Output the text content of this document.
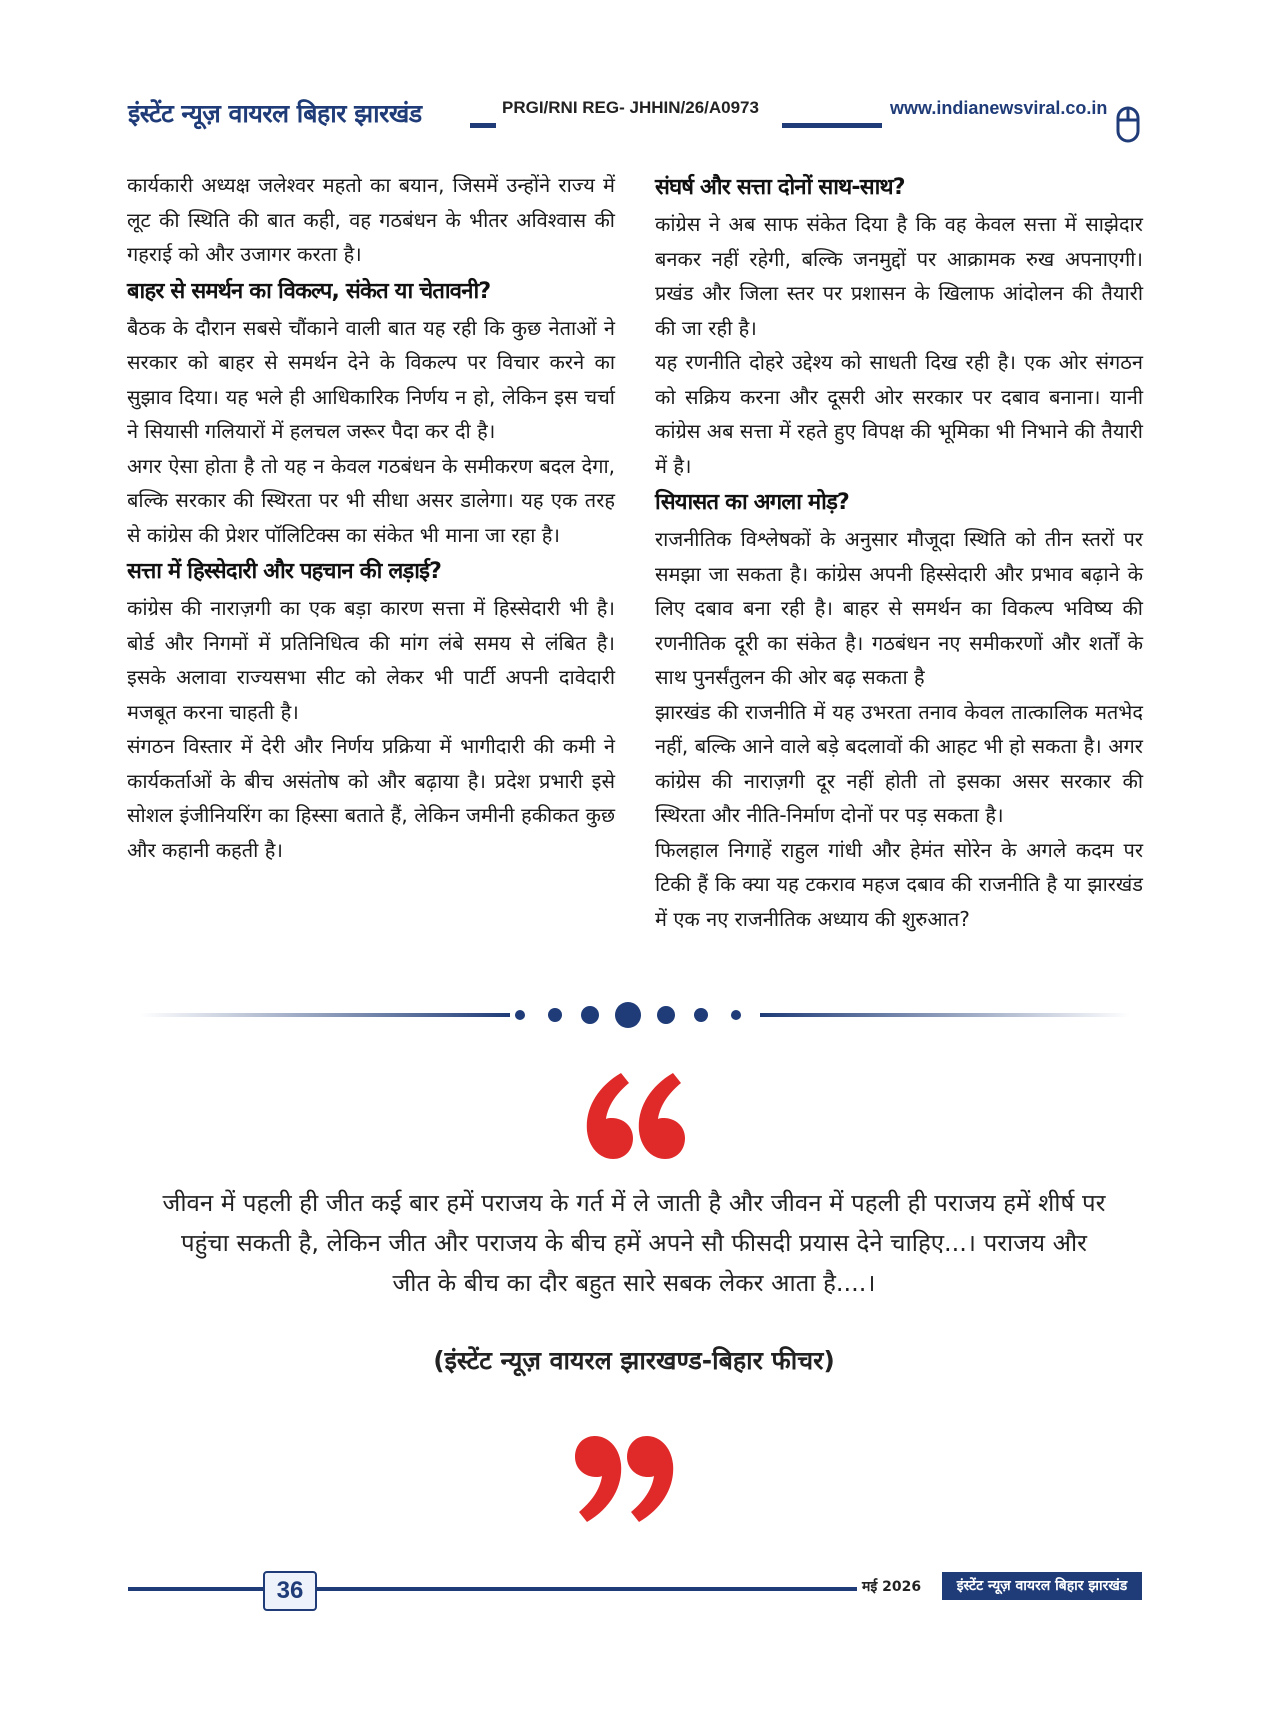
इंस्टेंट न्यूज़ वायरल बिहार झारखंड	PRGI/RNI REG- JHHIN/26/A0973	www.indianewsviral.co.in

कार्यकारी अध्यक्ष जलेश्वर महतो का बयान, जिसमें उन्होंने राज्य में लूट की स्थिति की बात कही, वह गठबंधन के भीतर अविश्वास की गहराई को और उजागर करता है।

बाहर से समर्थन का विकल्प, संकेत या चेतावनी?

बैठक के दौरान सबसे चौंकाने वाली बात यह रही कि कुछ नेताओं ने सरकार को बाहर से समर्थन देने के विकल्प पर विचार करने का सुझाव दिया। यह भले ही आधिकारिक निर्णय न हो, लेकिन इस चर्चा ने सियासी गलियारों में हलचल जरूर पैदा कर दी है।

अगर ऐसा होता है तो यह न केवल गठबंधन के समीकरण बदल देगा, बल्कि सरकार की स्थिरता पर भी सीधा असर डालेगा। यह एक तरह से कांग्रेस की प्रेशर पॉलिटिक्स का संकेत भी माना जा रहा है।

सत्ता में हिस्सेदारी और पहचान की लड़ाई?

कांग्रेस की नाराज़गी का एक बड़ा कारण सत्ता में हिस्सेदारी भी है। बोर्ड और निगमों में प्रतिनिधित्व की मांग लंबे समय से लंबित है। इसके अलावा राज्यसभा सीट को लेकर भी पार्टी अपनी दावेदारी मजबूत करना चाहती है।

संगठन विस्तार में देरी और निर्णय प्रक्रिया में भागीदारी की कमी ने कार्यकर्ताओं के बीच असंतोष को और बढ़ाया है। प्रदेश प्रभारी इसे सोशल इंजीनियरिंग का हिस्सा बताते हैं, लेकिन जमीनी हकीकत कुछ और कहानी कहती है।

संघर्ष और सत्ता दोनों साथ-साथ?

कांग्रेस ने अब साफ संकेत दिया है कि वह केवल सत्ता में साझेदार बनकर नहीं रहेगी, बल्कि जनमुद्दों पर आक्रामक रुख अपनाएगी। प्रखंड और जिला स्तर पर प्रशासन के खिलाफ आंदोलन की तैयारी की जा रही है।

यह रणनीति दोहरे उद्देश्य को साधती दिख रही है। एक ओर संगठन को सक्रिय करना और दूसरी ओर सरकार पर दबाव बनाना। यानी कांग्रेस अब सत्ता में रहते हुए विपक्ष की भूमिका भी निभाने की तैयारी में है।

सियासत का अगला मोड़?

राजनीतिक विश्लेषकों के अनुसार मौजूदा स्थिति को तीन स्तरों पर समझा जा सकता है। कांग्रेस अपनी हिस्सेदारी और प्रभाव बढ़ाने के लिए दबाव बना रही है। बाहर से समर्थन का विकल्प भविष्य की रणनीतिक दूरी का संकेत है। गठबंधन नए समीकरणों और शर्तों के साथ पुनर्संतुलन की ओर बढ़ सकता है

झारखंड की राजनीति में यह उभरता तनाव केवल तात्कालिक मतभेद नहीं, बल्कि आने वाले बड़े बदलावों की आहट भी हो सकता है। अगर कांग्रेस की नाराज़गी दूर नहीं होती तो इसका असर सरकार की स्थिरता और नीति-निर्माण दोनों पर पड़ सकता है।

फिलहाल निगाहें राहुल गांधी और हेमंत सोरेन के अगले कदम पर टिकी हैं कि क्या यह टकराव महज दबाव की राजनीति है या झारखंड में एक नए राजनीतिक अध्याय की शुरुआत?

जीवन में पहली ही जीत कई बार हमें पराजय के गर्त में ले जाती है और जीवन में पहली ही पराजय हमें शीर्ष पर पहुंचा सकती है, लेकिन जीत और पराजय के बीच हमें अपने सौ फीसदी प्रयास देने चाहिए...। पराजय और जीत के बीच का दौर बहुत सारे सबक लेकर आता है....।
(इंस्टेंट न्यूज़ वायरल झारखण्ड-बिहार फीचर)
36	मई 2026	इंस्टेंट न्यूज़ वायरल बिहार झारखंड
